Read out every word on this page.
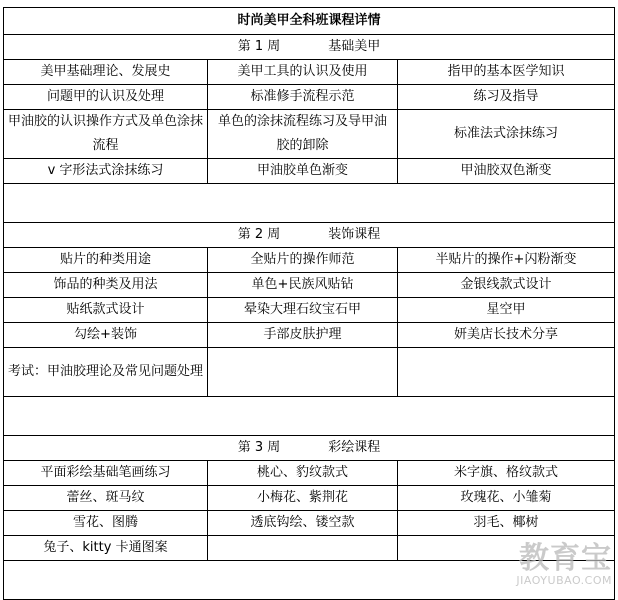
时尚美甲全科班课程详情		
第 1 周 基础美甲		
美甲基础理论、发展史	美甲工具的认识及使用	指甲的基本医学知识
问题甲的认识及处理	标准修手流程示范	练习及指导
甲油胶的认识操作方式及单色涂抹流程	单色的涂抹流程练习及导甲油胶的卸除	标准法式涂抹练习
v 字形法式涂抹练习	甲油胶单色渐变	甲油胶双色渐变

第 2 周 装饰课程		
贴片的种类用途	全贴片的操作师范	半贴片的操作+闪粉渐变
饰品的种类及用法	单色+民族风贴钻	金银线款式设计
贴纸款式设计	晕染大理石纹宝石甲	星空甲
勾绘+装饰	手部皮肤护理	妍美店长技术分享
考试：甲油胶理论及常见问题处理		

第 3 周 彩绘课程		
平面彩绘基础笔画练习	桃心、豹纹款式	米字旗、格纹款式
蕾丝、斑马纹	小梅花、紫荆花	玫瑰花、小雏菊
雪花、图腾	透底钩绘、镂空款	羽毛、椰树
兔子、kitty 卡通图案			教育宝
JIAOYUBAO.COM
